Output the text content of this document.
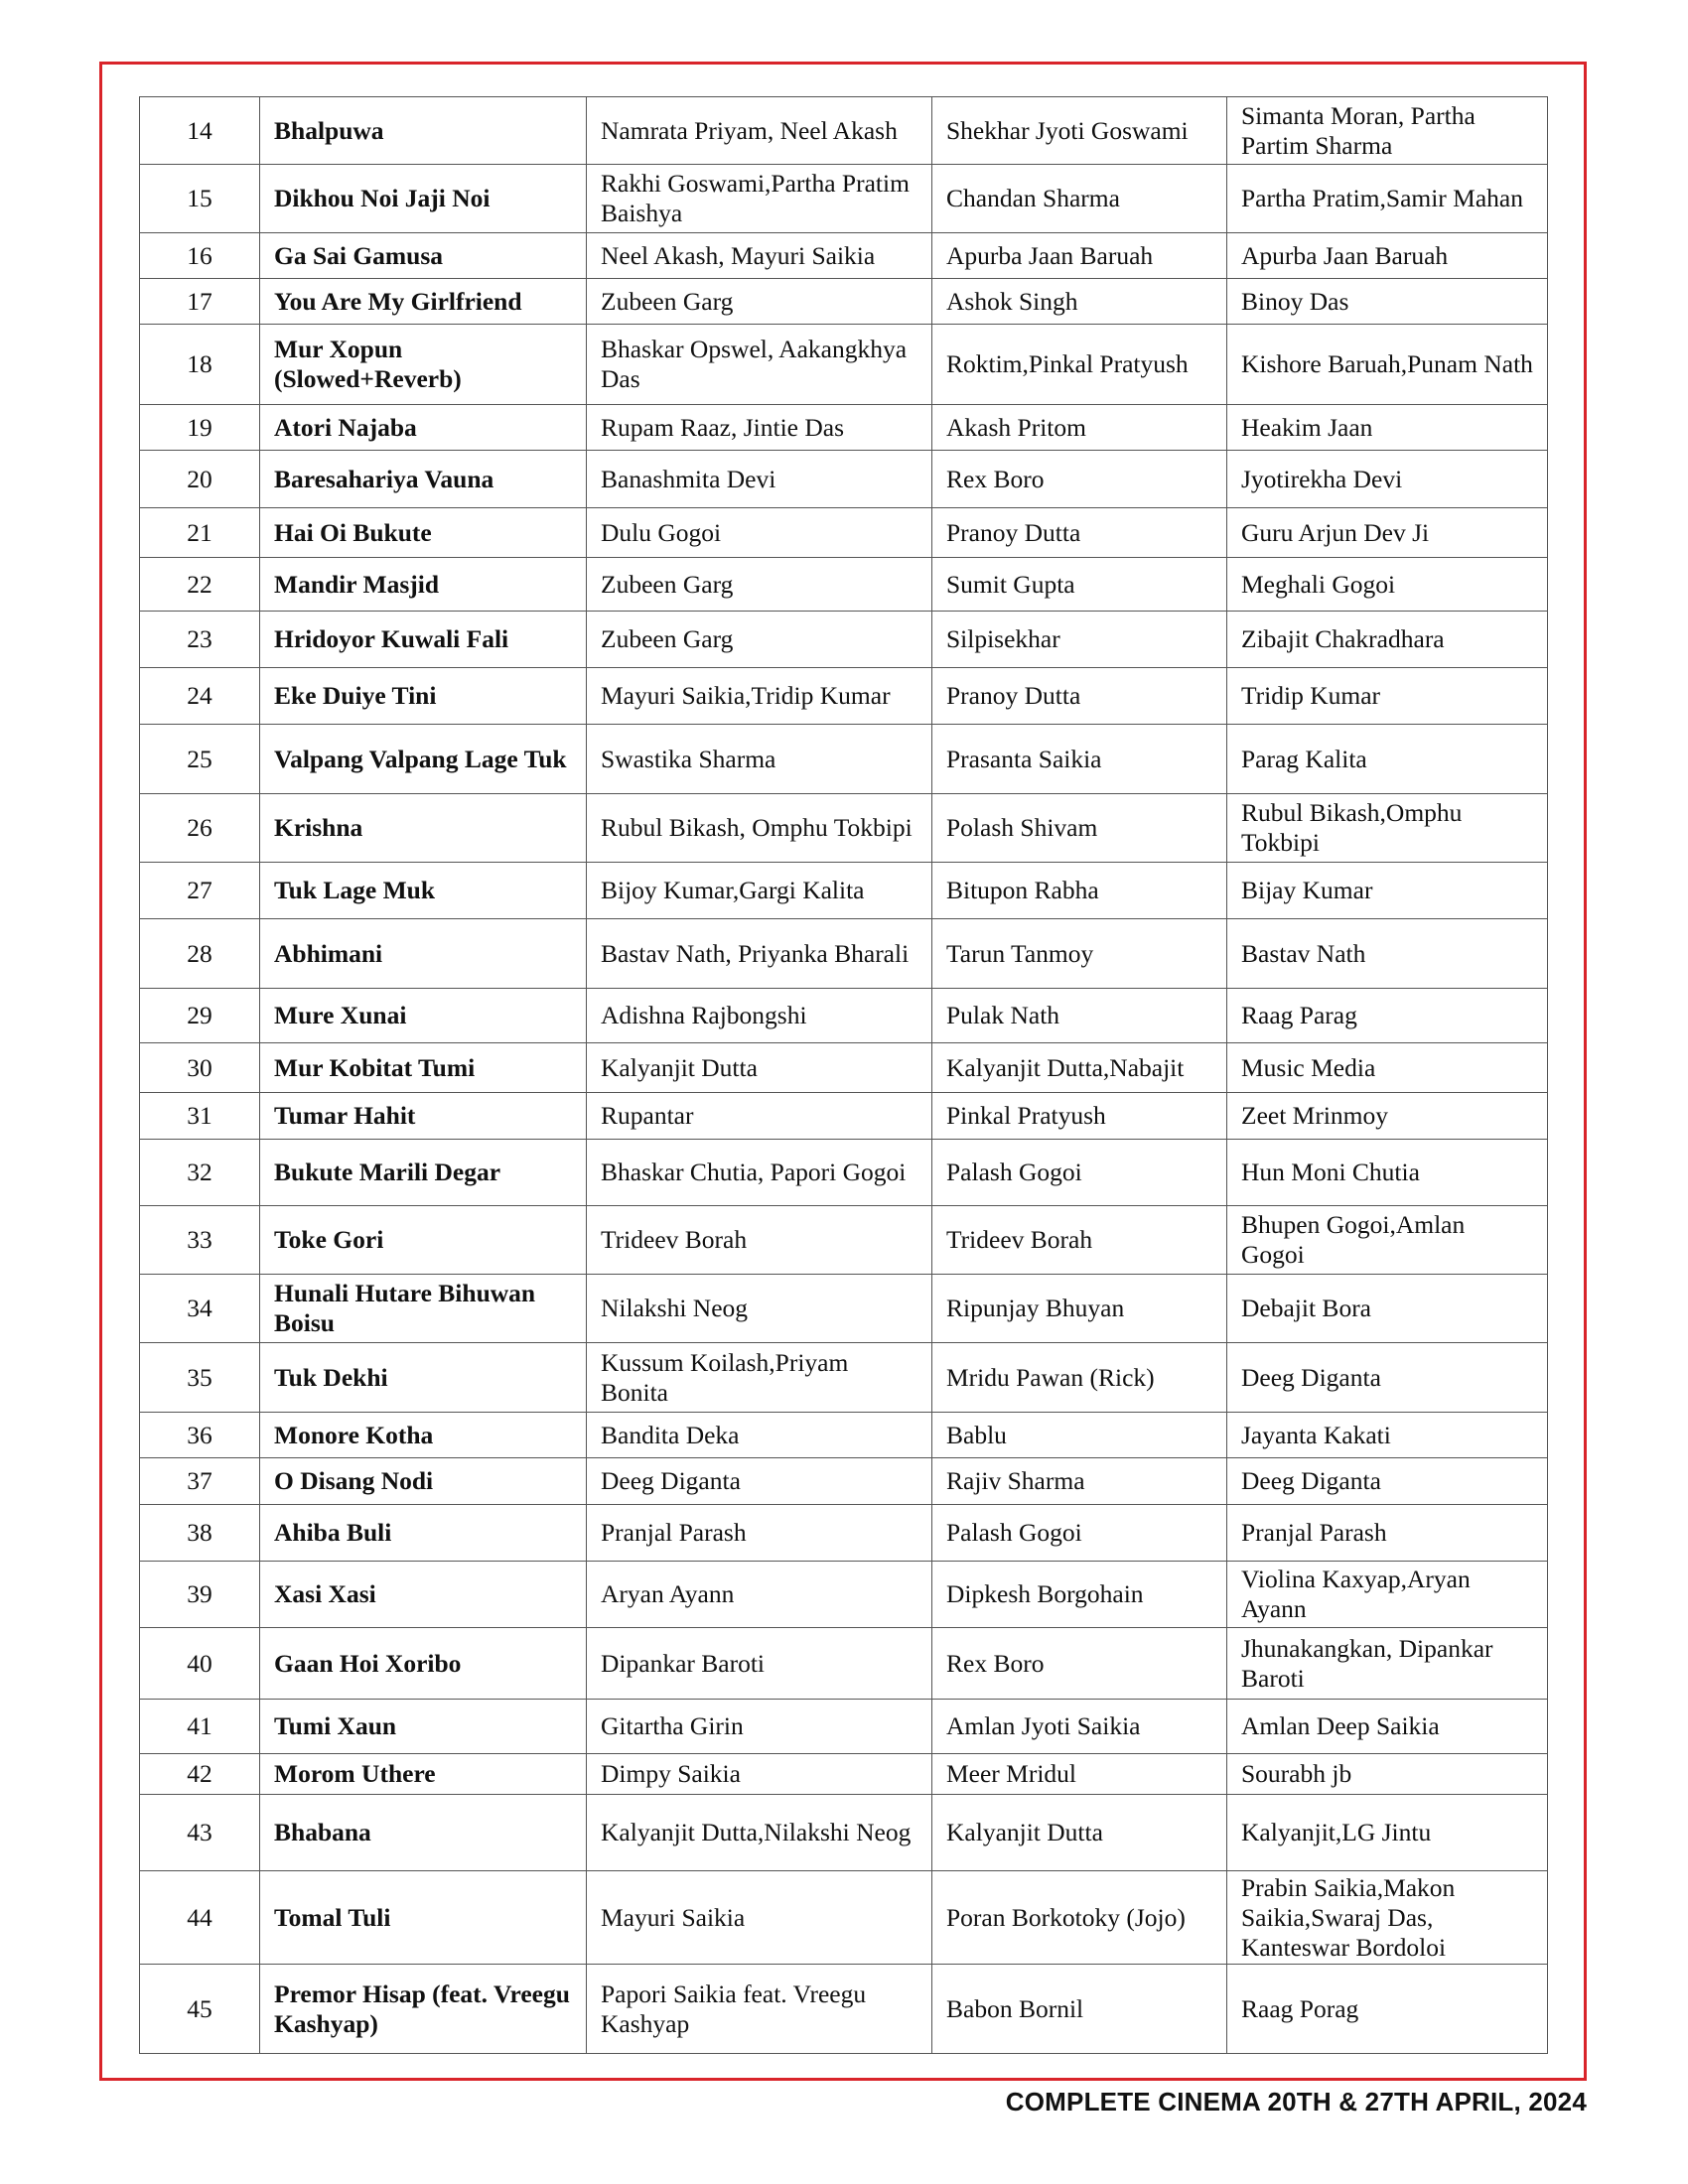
14	Bhalpuwa	Namrata Priyam, Neel Akash	Shekhar Jyoti Goswami	Simanta Moran, Partha Partim Sharma
15	Dikhou Noi Jaji Noi	Rakhi Goswami,Partha Pratim Baishya	Chandan Sharma	Partha Pratim,Samir Mahan
16	Ga Sai Gamusa	Neel Akash, Mayuri Saikia	Apurba Jaan Baruah	Apurba Jaan Baruah
17	You Are My Girlfriend	Zubeen Garg	Ashok Singh	Binoy Das
18	Mur Xopun (Slowed+Reverb)	Bhaskar Opswel, Aakangkhya Das	Roktim,Pinkal Pratyush	Kishore Baruah,Punam Nath
19	Atori Najaba	Rupam Raaz, Jintie Das	Akash Pritom	Heakim Jaan
20	Baresahariya Vauna	Banashmita Devi	Rex Boro	Jyotirekha Devi
21	Hai Oi Bukute	Dulu Gogoi	Pranoy Dutta	Guru Arjun Dev Ji
22	Mandir Masjid	Zubeen Garg	Sumit Gupta	Meghali Gogoi
23	Hridoyor Kuwali Fali	Zubeen Garg	Silpisekhar	Zibajit Chakradhara
24	Eke Duiye Tini	Mayuri Saikia,Tridip Kumar	Pranoy Dutta	Tridip Kumar
25	Valpang Valpang Lage Tuk	Swastika Sharma	Prasanta Saikia	Parag Kalita
26	Krishna	Rubul Bikash, Omphu Tokbipi	Polash Shivam	Rubul Bikash,Omphu Tokbipi
27	Tuk Lage Muk	Bijoy Kumar,Gargi Kalita	Bitupon Rabha	Bijay Kumar
28	Abhimani	Bastav Nath, Priyanka Bharali	Tarun Tanmoy	Bastav Nath
29	Mure Xunai	Adishna Rajbongshi	Pulak Nath	Raag Parag
30	Mur Kobitat Tumi	Kalyanjit Dutta	Kalyanjit Dutta,Nabajit	Music Media
31	Tumar Hahit	Rupantar	Pinkal Pratyush	Zeet Mrinmoy
32	Bukute Marili Degar	Bhaskar Chutia, Papori Gogoi	Palash Gogoi	Hun Moni Chutia
33	Toke Gori	Trideev Borah	Trideev Borah	Bhupen Gogoi,Amlan Gogoi
34	Hunali Hutare Bihuwan Boisu	Nilakshi Neog	Ripunjay Bhuyan	Debajit Bora
35	Tuk Dekhi	Kussum Koilash,Priyam Bonita	Mridu Pawan (Rick)	Deeg Diganta
36	Monore Kotha	Bandita Deka	Bablu	Jayanta Kakati
37	O Disang Nodi	Deeg Diganta	Rajiv Sharma	Deeg Diganta
38	Ahiba Buli	Pranjal Parash	Palash Gogoi	Pranjal Parash
39	Xasi Xasi	Aryan Ayann	Dipkesh Borgohain	Violina Kaxyap,Aryan Ayann
40	Gaan Hoi Xoribo	Dipankar Baroti	Rex Boro	Jhunakangkan, Dipankar Baroti
41	Tumi Xaun	Gitartha Girin	Amlan Jyoti Saikia	Amlan Deep Saikia
42	Morom Uthere	Dimpy Saikia	Meer Mridul	Sourabh jb
43	Bhabana	Kalyanjit Dutta,Nilakshi Neog	Kalyanjit Dutta	Kalyanjit,LG Jintu
44	Tomal Tuli	Mayuri Saikia	Poran Borkotoky (Jojo)	Prabin Saikia,Makon Saikia,Swaraj Das, Kanteswar Bordoloi
45	Premor Hisap (feat. Vreegu Kashyap)	Papori Saikia feat. Vreegu Kashyap	Babon Bornil	Raag Porag
COMPLETE CINEMA 20TH & 27TH APRIL, 2024
